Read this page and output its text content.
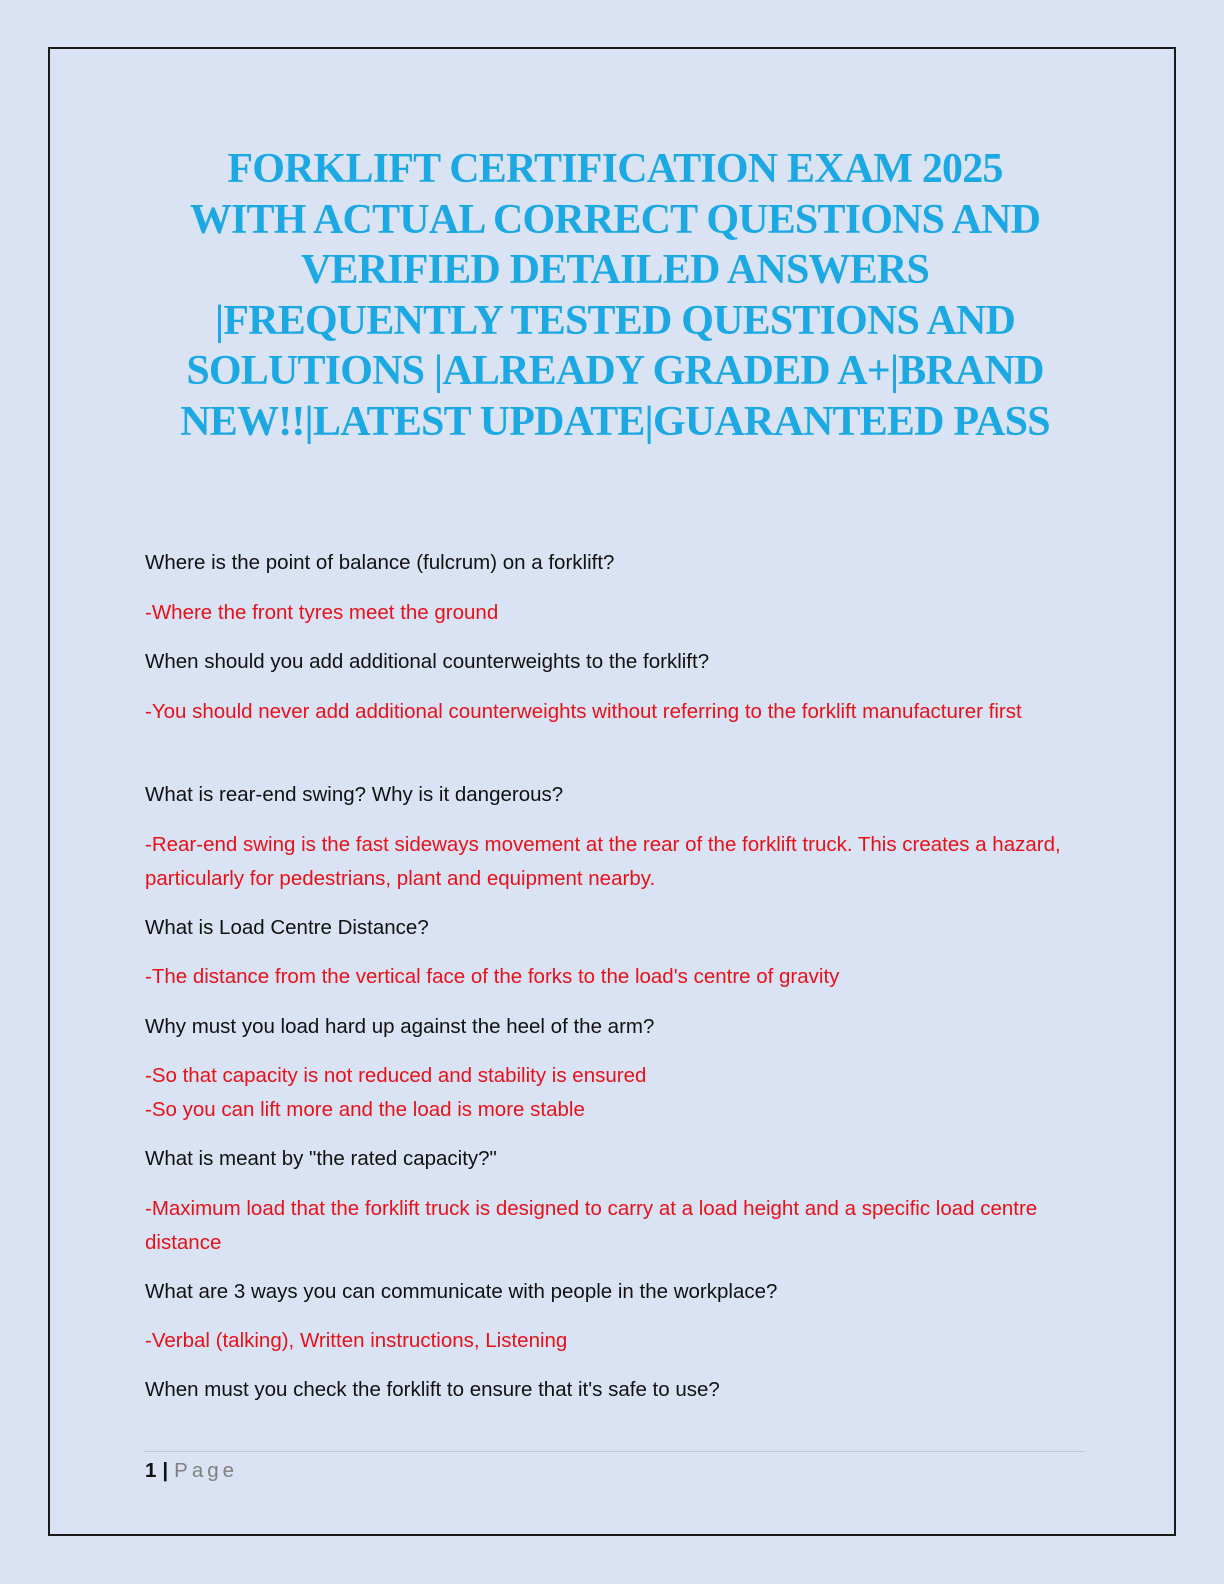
FORKLIFT CERTIFICATION EXAM 2025
WITH ACTUAL CORRECT QUESTIONS AND
VERIFIED DETAILED ANSWERS
|FREQUENTLY TESTED QUESTIONS AND
SOLUTIONS |ALREADY GRADED A+|BRAND
NEW!!|LATEST UPDATE|GUARANTEED PASS

Where is the point of balance (fulcrum) on a forklift?

-Where the front tyres meet the ground

When should you add additional counterweights to the forklift?

-You should never add additional counterweights without referring to the forklift manufacturer first

What is rear-end swing? Why is it dangerous?

-Rear-end swing is the fast sideways movement at the rear of the forklift truck. This creates a hazard, particularly for pedestrians, plant and equipment nearby.

What is Load Centre Distance?

-The distance from the vertical face of the forks to the load's centre of gravity

Why must you load hard up against the heel of the arm?

-So that capacity is not reduced and stability is ensured

-So you can lift more and the load is more stable

What is meant by "the rated capacity?"

-Maximum load that the forklift truck is designed to carry at a load height and a specific load centre distance

What are 3 ways you can communicate with people in the workplace?

-Verbal (talking), Written instructions, Listening

When must you check the forklift to ensure that it's safe to use?

1 | Page
